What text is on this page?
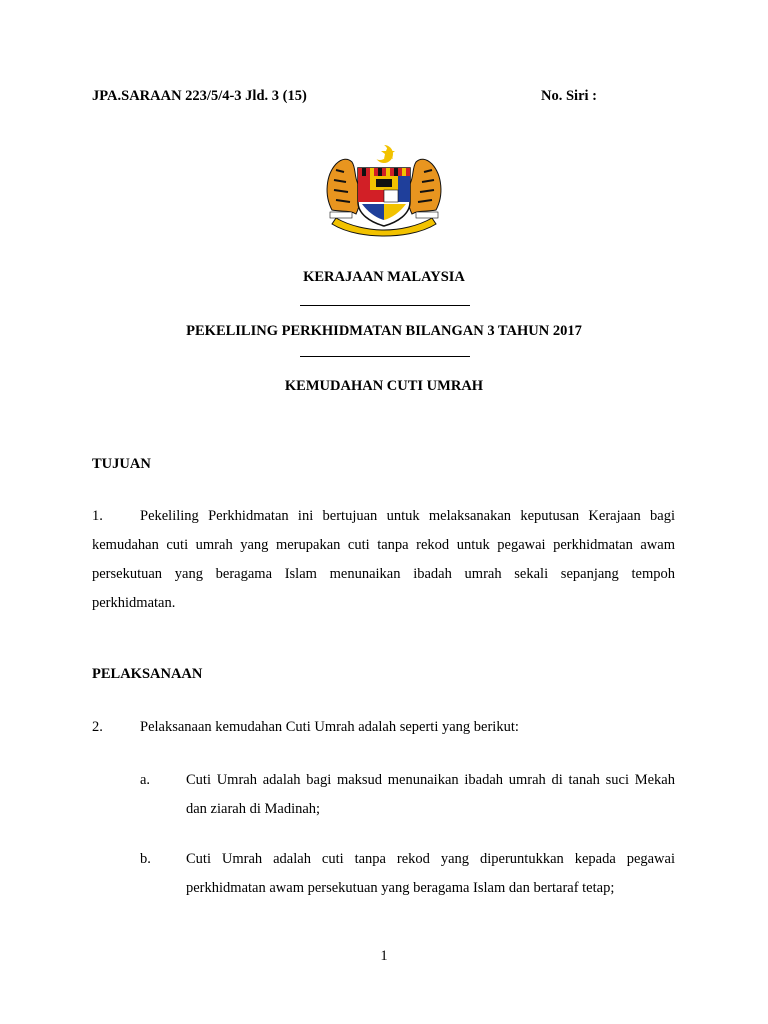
JPA.SARAAN 223/5/4-3 Jld. 3 (15)	No. Siri :
KERAJAAN MALAYSIA
PEKELILING PERKHIDMATAN BILANGAN 3 TAHUN 2017
KEMUDAHAN CUTI UMRAH
TUJUAN
1.	Pekeliling Perkhidmatan ini bertujuan untuk melaksanakan keputusan Kerajaan bagi kemudahan cuti umrah yang merupakan cuti tanpa rekod untuk pegawai perkhidmatan awam persekutuan yang beragama Islam menunaikan ibadah umrah sekali sepanjang tempoh perkhidmatan.
PELAKSANAAN
2.	Pelaksanaan kemudahan Cuti Umrah adalah seperti yang berikut:
a. Cuti Umrah adalah bagi maksud menunaikan ibadah umrah di tanah suci Mekah dan ziarah di Madinah;
b. Cuti Umrah adalah cuti tanpa rekod yang diperuntukkan kepada pegawai perkhidmatan awam persekutuan yang beragama Islam dan bertaraf tetap;
1
